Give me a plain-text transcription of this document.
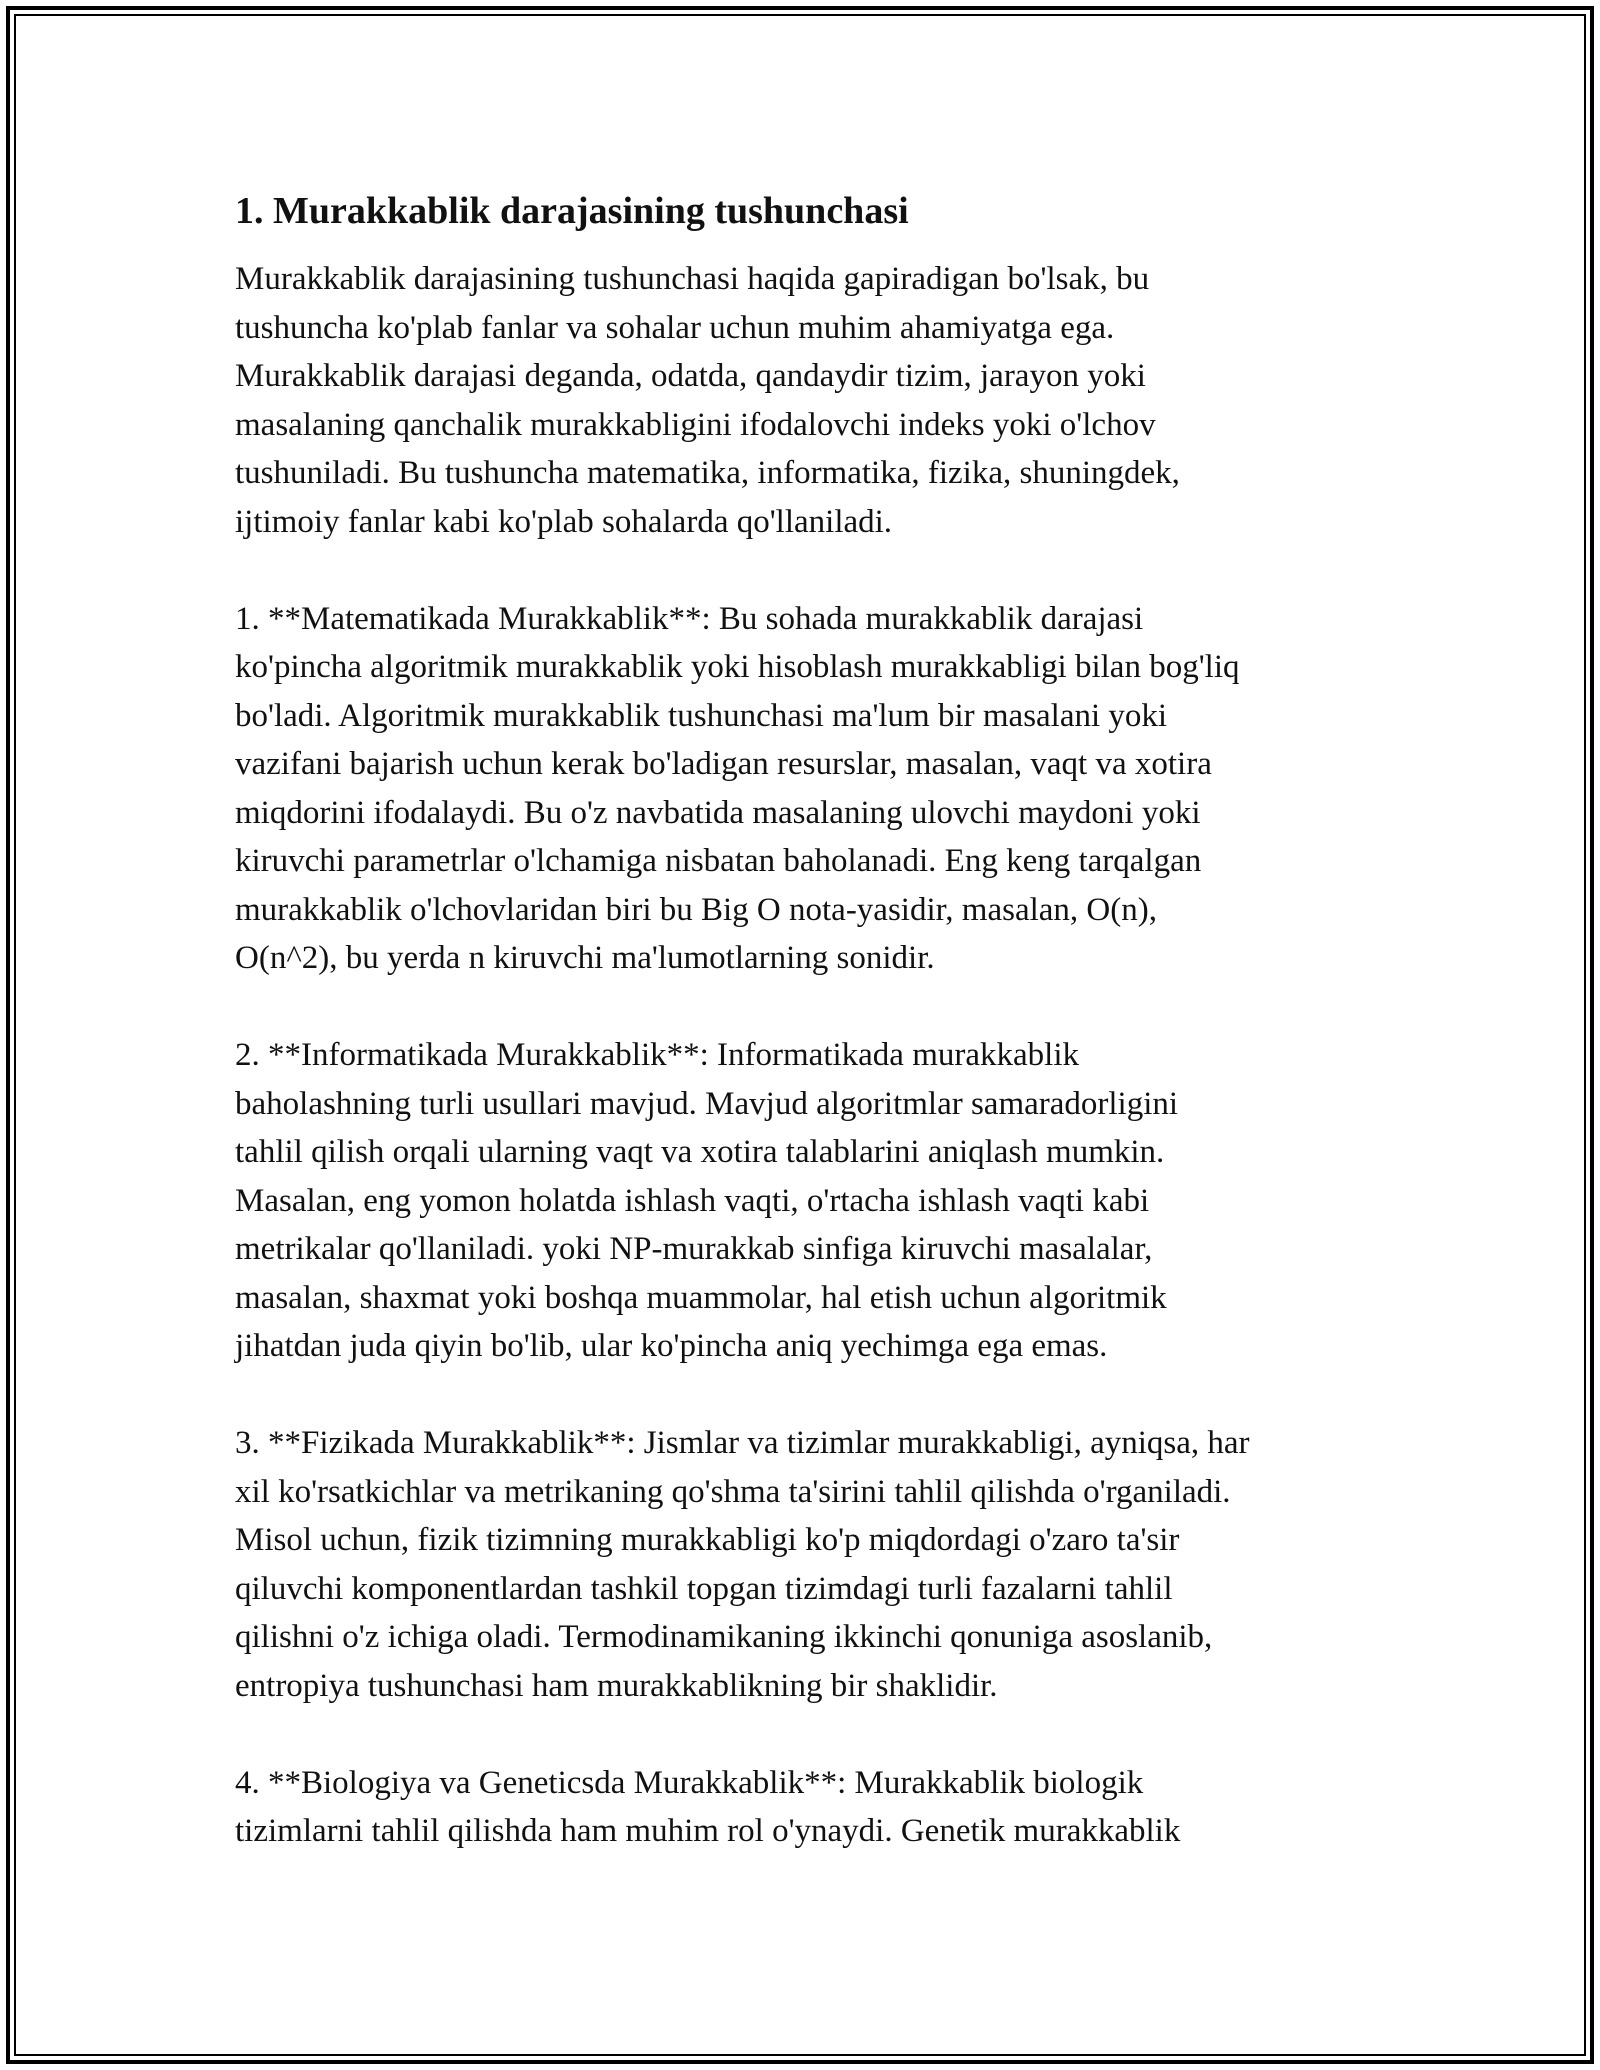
1. Murakkablik darajasining tushunchasi

Murakkablik darajasining tushunchasi haqida gapiradigan bo'lsak, bu
tushuncha ko'plab fanlar va sohalar uchun muhim ahamiyatga ega.
Murakkablik darajasi deganda, odatda, qandaydir tizim, jarayon yoki
masalaning qanchalik murakkabligini ifodalovchi indeks yoki o'lchov
tushuniladi. Bu tushuncha matematika, informatika, fizika, shuningdek,
ijtimoiy fanlar kabi ko'plab sohalarda qo'llaniladi.

1. **Matematikada Murakkablik**: Bu sohada murakkablik darajasi
ko'pincha algoritmik murakkablik yoki hisoblash murakkabligi bilan bog'liq
bo'ladi. Algoritmik murakkablik tushunchasi ma'lum bir masalani yoki
vazifani bajarish uchun kerak bo'ladigan resurslar, masalan, vaqt va xotira
miqdorini ifodalaydi. Bu o'z navbatida masalaning ulovchi maydoni yoki
kiruvchi parametrlar o'lchamiga nisbatan baholanadi. Eng keng tarqalgan
murakkablik o'lchovlaridan biri bu Big O nota-yasidir, masalan, O(n),
O(n^2), bu yerda n kiruvchi ma'lumotlarning sonidir.

2. **Informatikada Murakkablik**: Informatikada murakkablik
baholashning turli usullari mavjud. Mavjud algoritmlar samaradorligini
tahlil qilish orqali ularning vaqt va xotira talablarini aniqlash mumkin.
Masalan, eng yomon holatda ishlash vaqti, o'rtacha ishlash vaqti kabi
metrikalar qo'llaniladi. yoki NP-murakkab sinfiga kiruvchi masalalar,
masalan, shaxmat yoki boshqa muammolar, hal etish uchun algoritmik
jihatdan juda qiyin bo'lib, ular ko'pincha aniq yechimga ega emas.

3. **Fizikada Murakkablik**: Jismlar va tizimlar murakkabligi, ayniqsa, har
xil ko'rsatkichlar va metrikaning qo'shma ta'sirini tahlil qilishda o'rganiladi.
Misol uchun, fizik tizimning murakkabligi ko'p miqdordagi o'zaro ta'sir
qiluvchi komponentlardan tashkil topgan tizimdagi turli fazalarni tahlil
qilishni o'z ichiga oladi. Termodinamikaning ikkinchi qonuniga asoslanib,
entropiya tushunchasi ham murakkablikning bir shaklidir.

4. **Biologiya va Geneticsda Murakkablik**: Murakkablik biologik
tizimlarni tahlil qilishda ham muhim rol o'ynaydi. Genetik murakkablik
